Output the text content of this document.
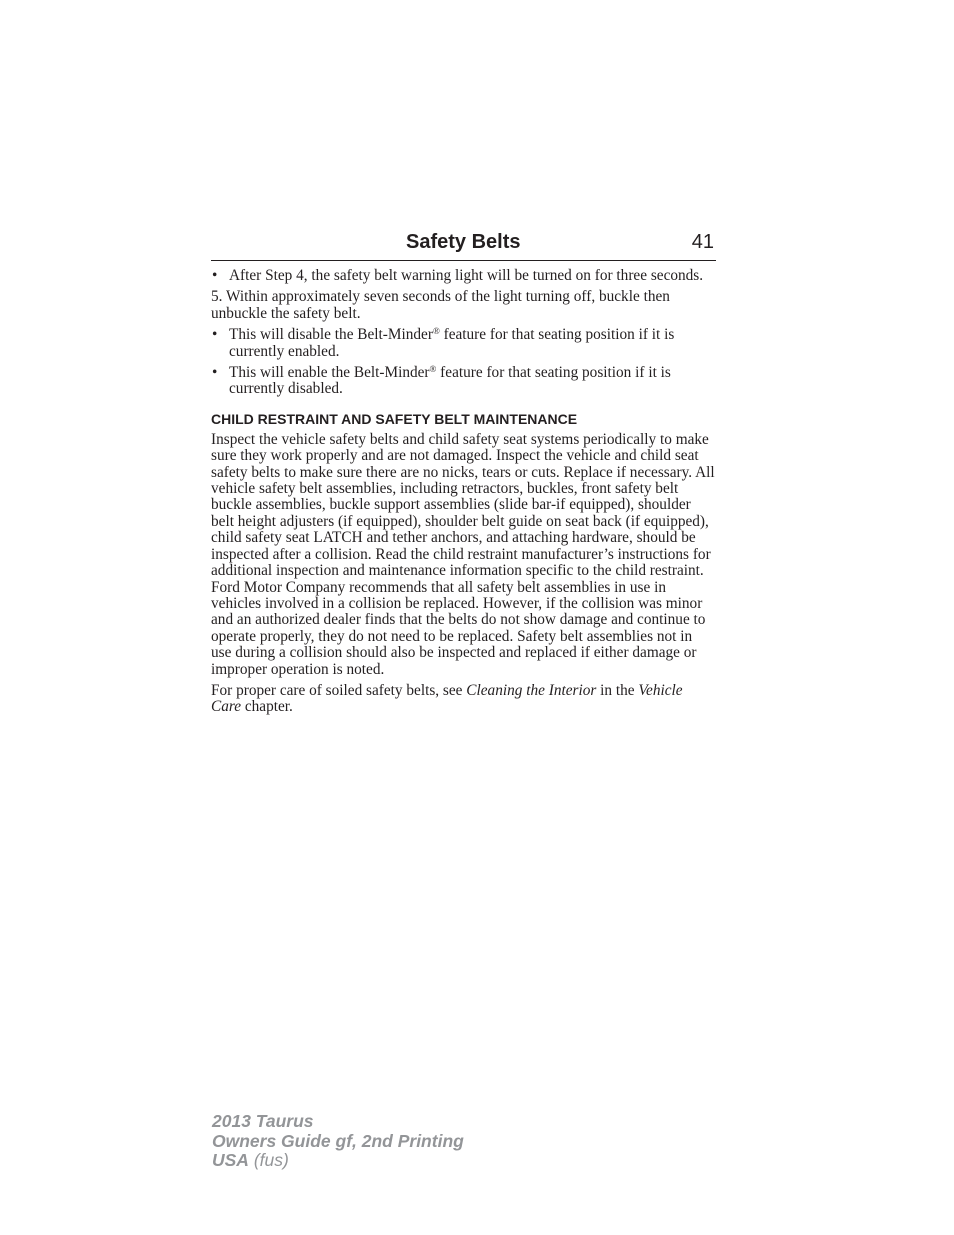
Safety Belts	41
• After Step 4, the safety belt warning light will be turned on for three seconds.

5. Within approximately seven seconds of the light turning off, buckle then unbuckle the safety belt.

• This will disable the Belt-Minder® feature for that seating position if it is currently enabled.
• This will enable the Belt-Minder® feature for that seating position if it is currently disabled.
CHILD RESTRAINT AND SAFETY BELT MAINTENANCE

Inspect the vehicle safety belts and child safety seat systems periodically to make sure they work properly and are not damaged. Inspect the vehicle and child seat safety belts to make sure there are no nicks, tears or cuts. Replace if necessary. All vehicle safety belt assemblies, including retractors, buckles, front safety belt buckle assemblies, buckle support assemblies (slide bar-if equipped), shoulder belt height adjusters (if equipped), shoulder belt guide on seat back (if equipped), child safety seat LATCH and tether anchors, and attaching hardware, should be inspected after a collision. Read the child restraint manufacturer’s instructions for additional inspection and maintenance information specific to the child restraint. Ford Motor Company recommends that all safety belt assemblies in use in vehicles involved in a collision be replaced. However, if the collision was minor and an authorized dealer finds that the belts do not show damage and continue to operate properly, they do not need to be replaced. Safety belt assemblies not in use during a collision should also be inspected and replaced if either damage or improper operation is noted.

For proper care of soiled safety belts, see Cleaning the Interior in the Vehicle Care chapter.

2013 Taurus
Owners Guide gf, 2nd Printing
USA (fus)
